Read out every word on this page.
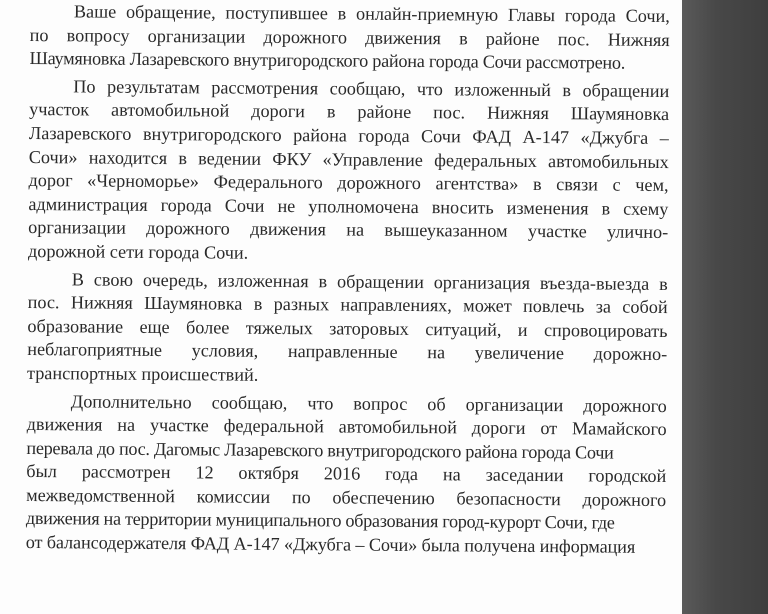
Ваше обращение, поступившее в онлайн-приемную Главы города Сочи,
по вопросу организации дорожного движения в районе пос. Нижняя
Шаумяновка Лазаревского внутригородского района города Сочи рассмотрено.
По результатам рассмотрения сообщаю, что изложенный в обращении
участок автомобильной дороги в районе пос. Нижняя Шаумяновка
Лазаревского внутригородского района города Сочи ФАД А-147 «Джубга –
Сочи» находится в ведении ФКУ «Управление федеральных автомобильных
дорог «Черноморье» Федерального дорожного агентства» в связи с чем,
администрация города Сочи не уполномочена вносить изменения в схему
организации дорожного движения на вышеуказанном участке улично-
дорожной сети города Сочи.
В свою очередь, изложенная в обращении организация въезда-выезда в
пос. Нижняя Шаумяновка в разных направлениях, может повлечь за собой
образование еще более тяжелых заторовых ситуаций, и спровоцировать
неблагоприятные условия, направленные на увеличение дорожно-
транспортных происшествий.
Дополнительно сообщаю, что вопрос об организации дорожного
движения на участке федеральной автомобильной дороги от Мамайского
перевала до пос. Дагомыс Лазаревского внутригородского района города Сочи
был рассмотрен 12 октября 2016 года на заседании городской
межведомственной комиссии по обеспечению безопасности дорожного
движения на территории муниципального образования город-курорт Сочи, где
от балансодержателя ФАД А-147 «Джубга – Сочи» была получена информация
